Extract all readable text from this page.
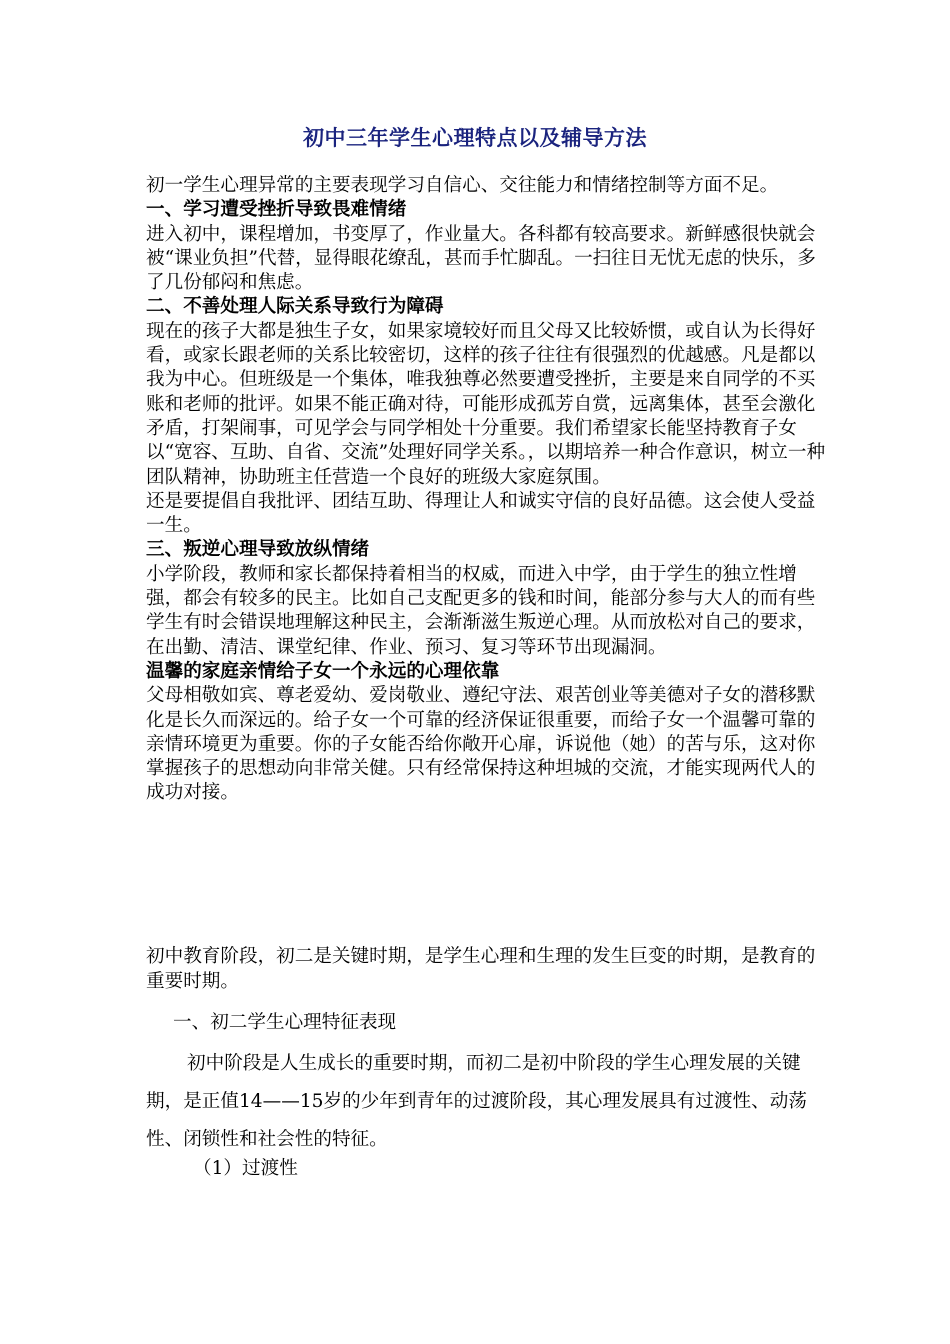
初中三年学生心理特点以及辅导方法

初一学生心理异常的主要表现学习自信心、交往能力和情绪控制等方面不足。

一、学习遭受挫折导致畏难情绪

进入初中，课程增加，书变厚了，作业量大。各科都有较高要求。新鲜感很快就会被“课业负担”代替，显得眼花缭乱，甚而手忙脚乱。一扫往日无忧无虑的快乐，多了几份郁闷和焦虑。

二、不善处理人际关系导致行为障碍

现在的孩子大都是独生子女，如果家境较好而且父母又比较娇惯，或自认为长得好看，或家长跟老师的关系比较密切，这样的孩子往往有很强烈的优越感。凡是都以我为中心。但班级是一个集体，唯我独尊必然要遭受挫折，主要是来自同学的不买账和老师的批评。如果不能正确对待，可能形成孤芳自赏，远离集体，甚至会激化矛盾，打架闹事，可见学会与同学相处十分重要。我们希望家长能坚持教育子女以“宽容、互助、自省、交流”处理好同学关系。，以期培养一种合作意识，树立一种团队精神，协助班主任营造一个良好的班级大家庭氛围。

还是要提倡自我批评、团结互助、得理让人和诚实守信的良好品德。这会使人受益一生。

三、叛逆心理导致放纵情绪

小学阶段，教师和家长都保持着相当的权威，而进入中学，由于学生的独立性增强，都会有较多的民主。比如自己支配更多的钱和时间，能部分参与大人的而有些学生有时会错误地理解这种民主，会渐渐滋生叛逆心理。从而放松对自己的要求，在出勤、清洁、课堂纪律、作业、预习、复习等环节出现漏洞。

温馨的家庭亲情给子女一个永远的心理依靠

父母相敬如宾、尊老爱幼、爱岗敬业、遵纪守法、艰苦创业等美德对子女的潜移默化是长久而深远的。给子女一个可靠的经济保证很重要，而给子女一个温馨可靠的亲情环境更为重要。你的子女能否给你敞开心扉，诉说他（她）的苦与乐，这对你掌握孩子的思想动向非常关健。只有经常保持这种坦城的交流，才能实现两代人的成功对接。

初中教育阶段，初二是关键时期，是学生心理和生理的发生巨变的时期，是教育的重要时期。

一、初二学生心理特征表现

初中阶段是人生成长的重要时期，而初二是初中阶段的学生心理发展的关键期，是正值14——15岁的少年到青年的过渡阶段，其心理发展具有过渡性、动荡性、闭锁性和社会性的特征。

（1）过渡性
